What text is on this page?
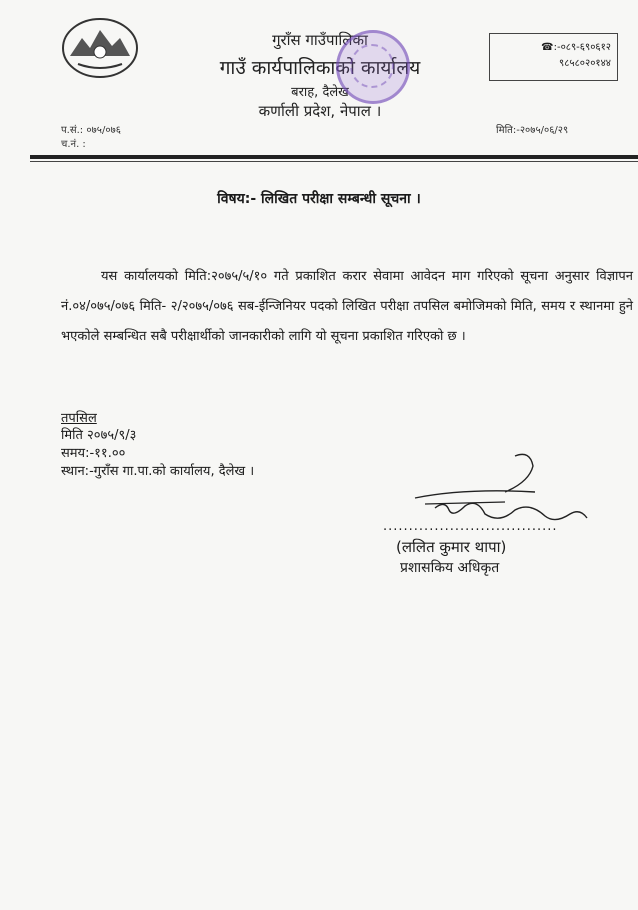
गुराँस गाउँपालिका
गाउँ कार्यपालिकाको कार्यालय
बराह, दैलेख
कर्णाली प्रदेश, नेपाल ।
☎:-०८९-६९०६१२
९८५८०२०१४४
प.सं.: ०७५/०७६
च.नं. :
मिति:-२०७५/०६/२९
विषय:- लिखित परीक्षा सम्बन्धी सूचना ।
यस कार्यालयको मिति:२०७५/५/१० गते प्रकाशित करार सेवामा आवेदन माग गरिएको सूचना अनुसार विज्ञापन नं.०४/०७५/०७६ मिति- २/२०७५/०७६ सब-ईन्जिनियर पदको लिखित परीक्षा तपसिल बमोजिमको मिति, समय र स्थानमा हुने भएकोले सम्बन्धित सबै परीक्षार्थीको जानकारीको लागि यो सूचना प्रकाशित गरिएको छ ।
तपसिल
मिति २०७५/९/३
समय:-११.००
स्थान:-गुराँस गा.पा.को कार्यालय, दैलेख ।
..................................
(ललित कुमार थापा)
प्रशासकिय अधिकृत
